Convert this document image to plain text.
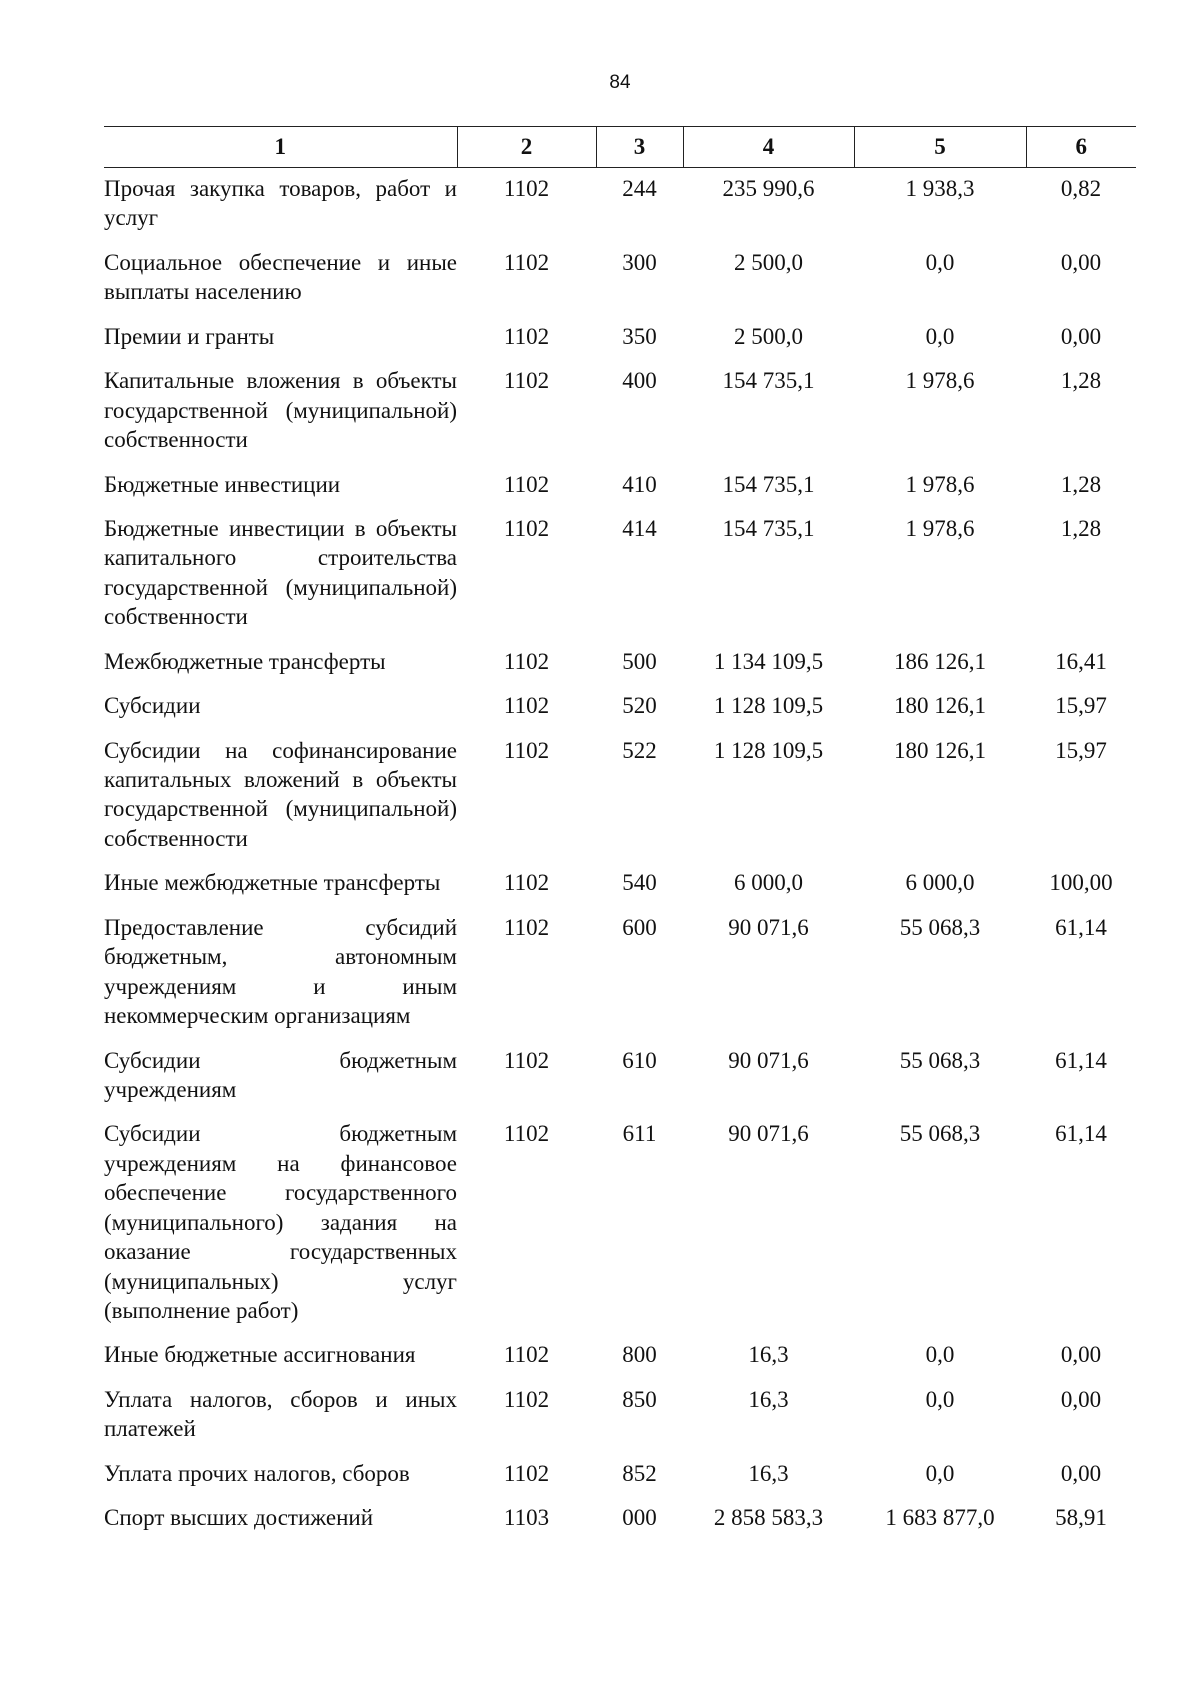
84
1	2	3	4	5	6
Прочая закупка товаров, работ и услуг	1102	244	235 990,6	1 938,3	0,82
Социальное обеспечение и иные выплаты населению	1102	300	2 500,0	0,0	0,00
Премии и гранты	1102	350	2 500,0	0,0	0,00
Капитальные вложения в объекты государственной (муниципальной) собственности	1102	400	154 735,1	1 978,6	1,28
Бюджетные инвестиции	1102	410	154 735,1	1 978,6	1,28
Бюджетные инвестиции в объекты капитального строительства государственной (муниципальной) собственности	1102	414	154 735,1	1 978,6	1,28
Межбюджетные трансферты	1102	500	1 134 109,5	186 126,1	16,41
Субсидии	1102	520	1 128 109,5	180 126,1	15,97
Субсидии на софинансирование капитальных вложений в объекты государственной (муниципальной) собственности	1102	522	1 128 109,5	180 126,1	15,97
Иные межбюджетные трансферты	1102	540	6 000,0	6 000,0	100,00
Предоставление субсидий бюджетным, автономным учреждениям и иным некоммерческим организациям	1102	600	90 071,6	55 068,3	61,14
Субсидии бюджетным учреждениям	1102	610	90 071,6	55 068,3	61,14
Субсидии бюджетным учреждениям на финансовое обеспечение государственного (муниципального) задания на оказание государственных (муниципальных) услуг (выполнение работ)	1102	611	90 071,6	55 068,3	61,14
Иные бюджетные ассигнования	1102	800	16,3	0,0	0,00
Уплата налогов, сборов и иных платежей	1102	850	16,3	0,0	0,00
Уплата прочих налогов, сборов	1102	852	16,3	0,0	0,00
Спорт высших достижений	1103	000	2 858 583,3	1 683 877,0	58,91
